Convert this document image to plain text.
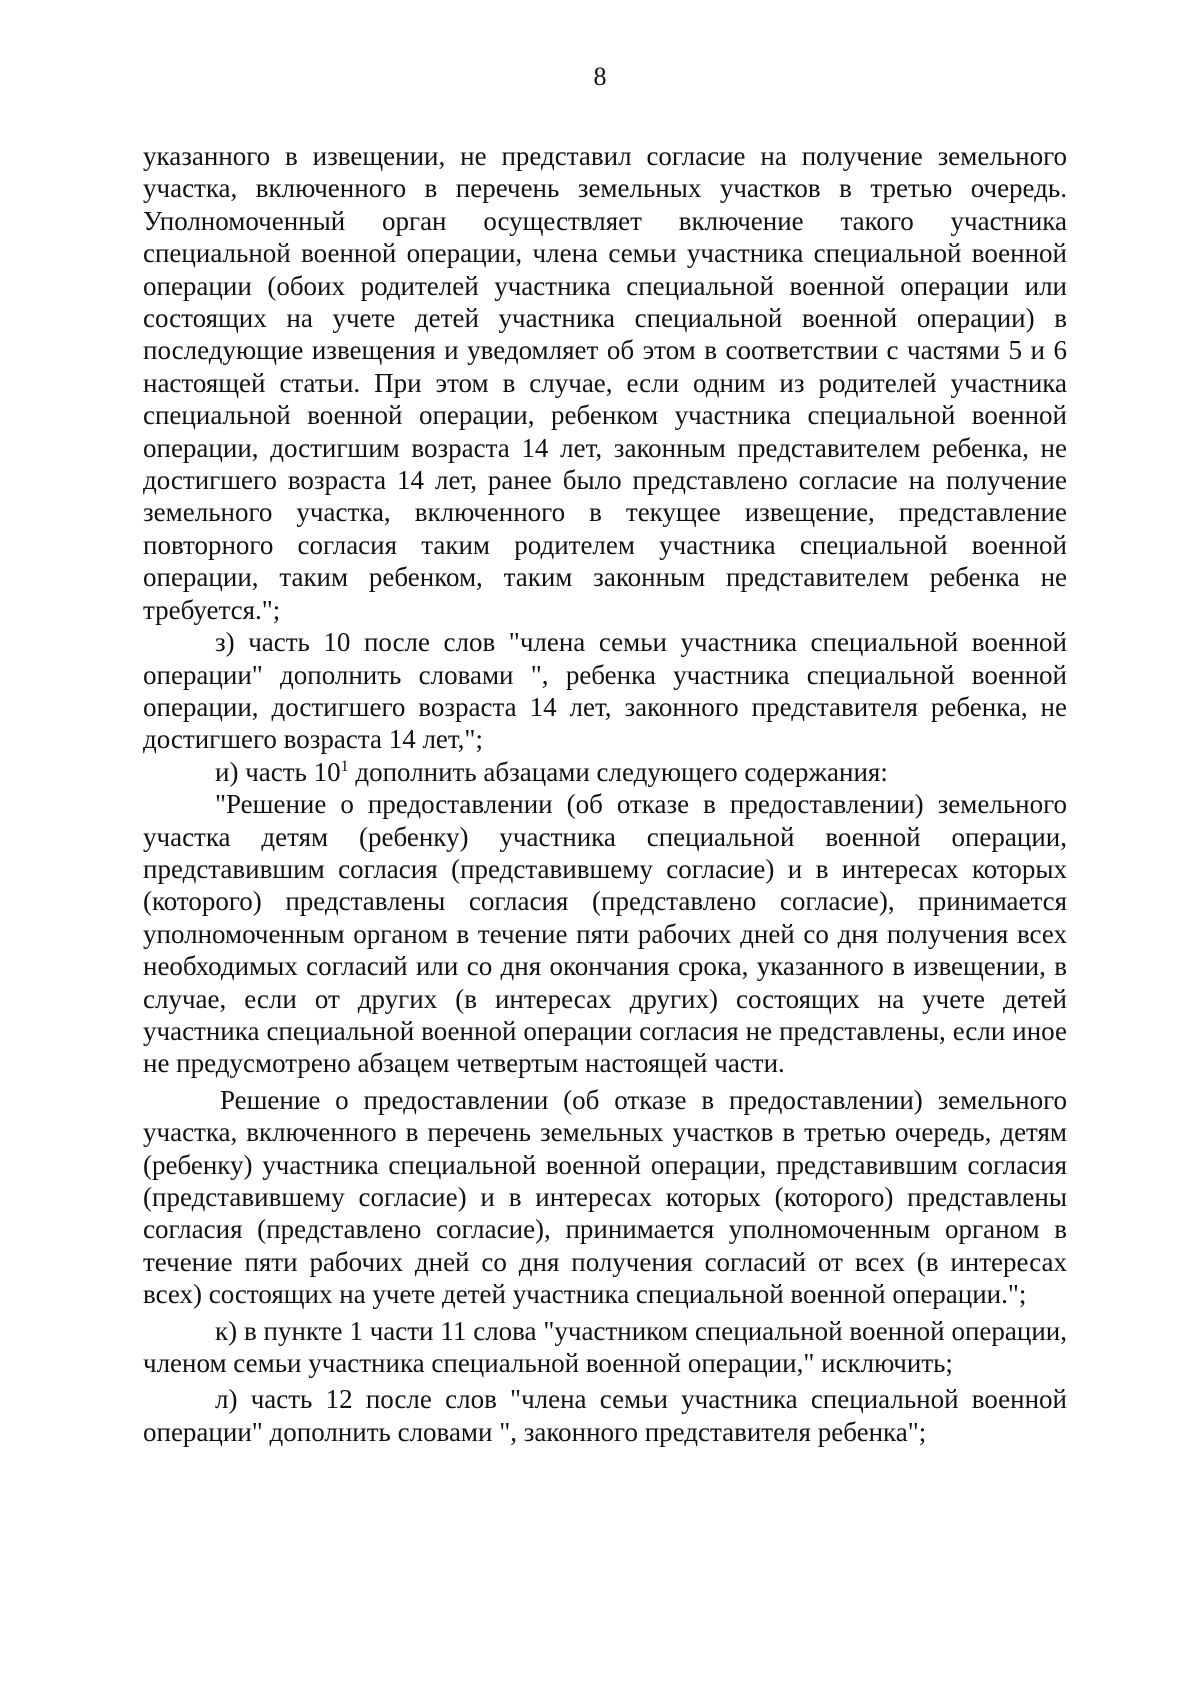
8

указанного в извещении, не представил согласие на получение земельного участка, включенного в перечень земельных участков в третью очередь. Уполномоченный орган осуществляет включение такого участника специальной военной операции, члена семьи участника специальной военной операции (обоих родителей участника специальной военной операции или состоящих на учете детей участника специальной военной операции) в последующие извещения и уведомляет об этом в соответствии с частями 5 и 6 настоящей статьи. При этом в случае, если одним из родителей участника специальной военной операции, ребенком участника специальной военной операции, достигшим возраста 14 лет, законным представителем ребенка, не достигшего возраста 14 лет, ранее было представлено согласие на получение земельного участка, включенного в текущее извещение, представление повторного согласия таким родителем участника специальной военной операции, таким ребенком, таким законным представителем ребенка не требуется.";

з) часть 10 после слов "члена семьи участника специальной военной операции" дополнить словами ", ребенка участника специальной военной операции, достигшего возраста 14 лет, законного представителя ребенка, не достигшего возраста 14 лет,";

и) часть $10^1$ дополнить абзацами следующего содержания:

"Решение о предоставлении (об отказе в предоставлении) земельного участка детям (ребенку) участника специальной военной операции, представившим согласия (представившему согласие) и в интересах которых (которого) представлены согласия (представлено согласие), принимается уполномоченным органом в течение пяти рабочих дней со дня получения всех необходимых согласий или со дня окончания срока, указанного в извещении, в случае, если от других (в интересах других) состоящих на учете детей участника специальной военной операции согласия не представлены, если иное не предусмотрено абзацем четвертым настоящей части.

Решение о предоставлении (об отказе в предоставлении) земельного участка, включенного в перечень земельных участков в третью очередь, детям (ребенку) участника специальной военной операции, представившим согласия (представившему согласие) и в интересах которых (которого) представлены согласия (представлено согласие), принимается уполномоченным органом в течение пяти рабочих дней со дня получения согласий от всех (в интересах всех) состоящих на учете детей участника специальной военной операции.";

к) в пункте 1 части 11 слова "участником специальной военной операции, членом семьи участника специальной военной операции," исключить;

л) часть 12 после слов "члена семьи участника специальной военной операции" дополнить словами ", законного представителя ребенка";
